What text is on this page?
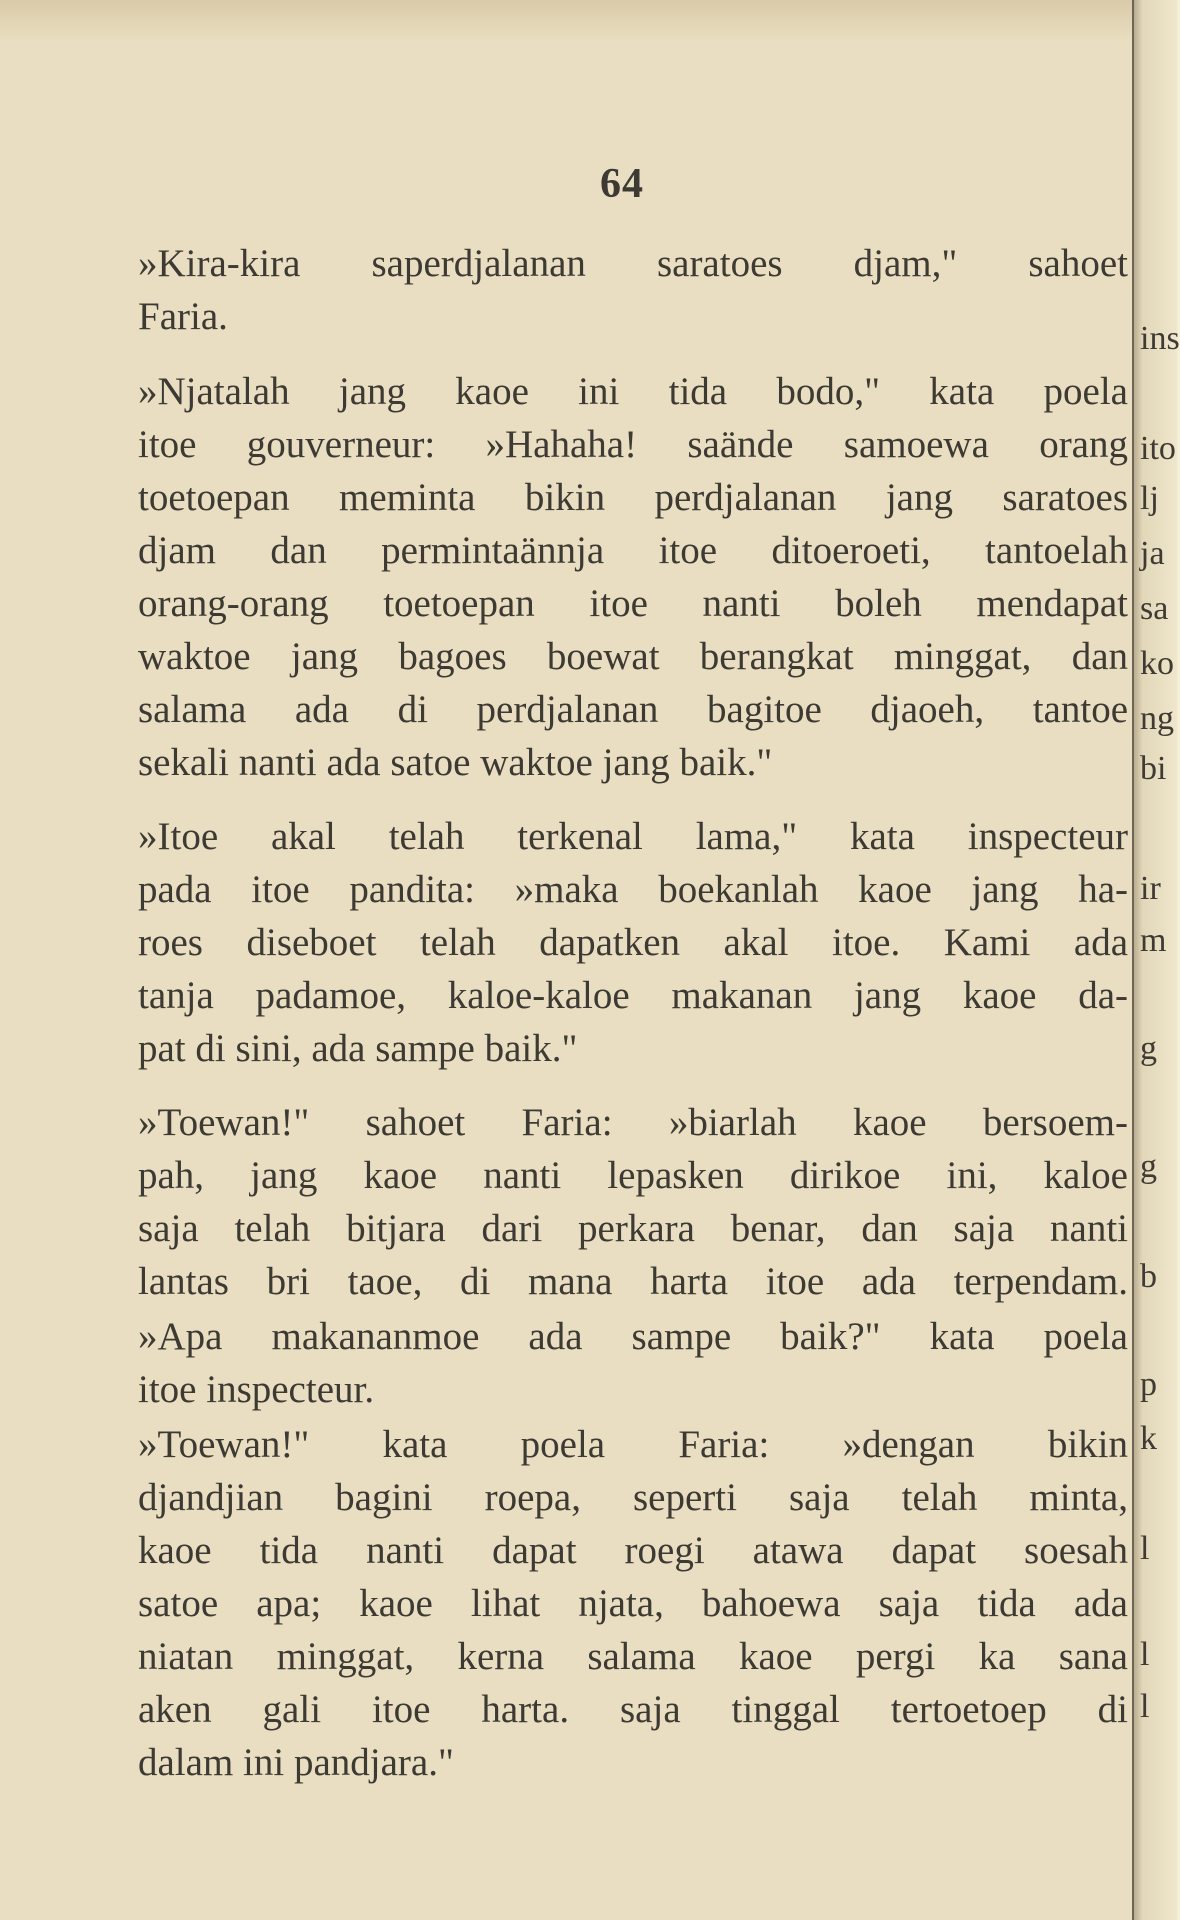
64
»Kira-kira saperdjalanan saratoes djam," sahoet
Faria.
»Njatalah jang kaoe ini tida bodo," kata poela
itoe gouverneur: »Hahaha! saände samoewa orang
toetoepan meminta bikin perdjalanan jang saratoes
djam dan permintaännja itoe ditoeroeti, tantoelah
orang-orang toetoepan itoe nanti boleh mendapat
waktoe jang bagoes boewat berangkat minggat, dan
salama ada di perdjalanan bagitoe djaoeh, tantoe
sekali nanti ada satoe waktoe jang baik."
»Itoe akal telah terkenal lama," kata inspecteur
pada itoe pandita: »maka boekanlah kaoe jang ha-
roes diseboet telah dapatken akal itoe. Kami ada
tanja padamoe, kaloe-kaloe makanan jang kaoe da-
pat di sini, ada sampe baik."
»Toewan!" sahoet Faria: »biarlah kaoe bersoem-
pah, jang kaoe nanti lepasken dirikoe ini, kaloe
saja telah bitjara dari perkara benar, dan saja nanti
lantas bri taoe, di mana harta itoe ada terpendam.
»Apa makananmoe ada sampe baik?" kata poela
itoe inspecteur.
»Toewan!" kata poela Faria: »dengan bikin
djandjian bagini roepa, seperti saja telah minta,
kaoe tida nanti dapat roegi atawa dapat soesah
satoe apa; kaoe lihat njata, bahoewa saja tida ada
niatan minggat, kerna salama kaoe pergi ka sana
aken gali itoe harta. saja tinggal tertoetoep di
dalam ini pandjara."
ins
ito
lj
ja
sa
ko
ng
bi
ir
m
g
g
b
p
k
l
l
l
